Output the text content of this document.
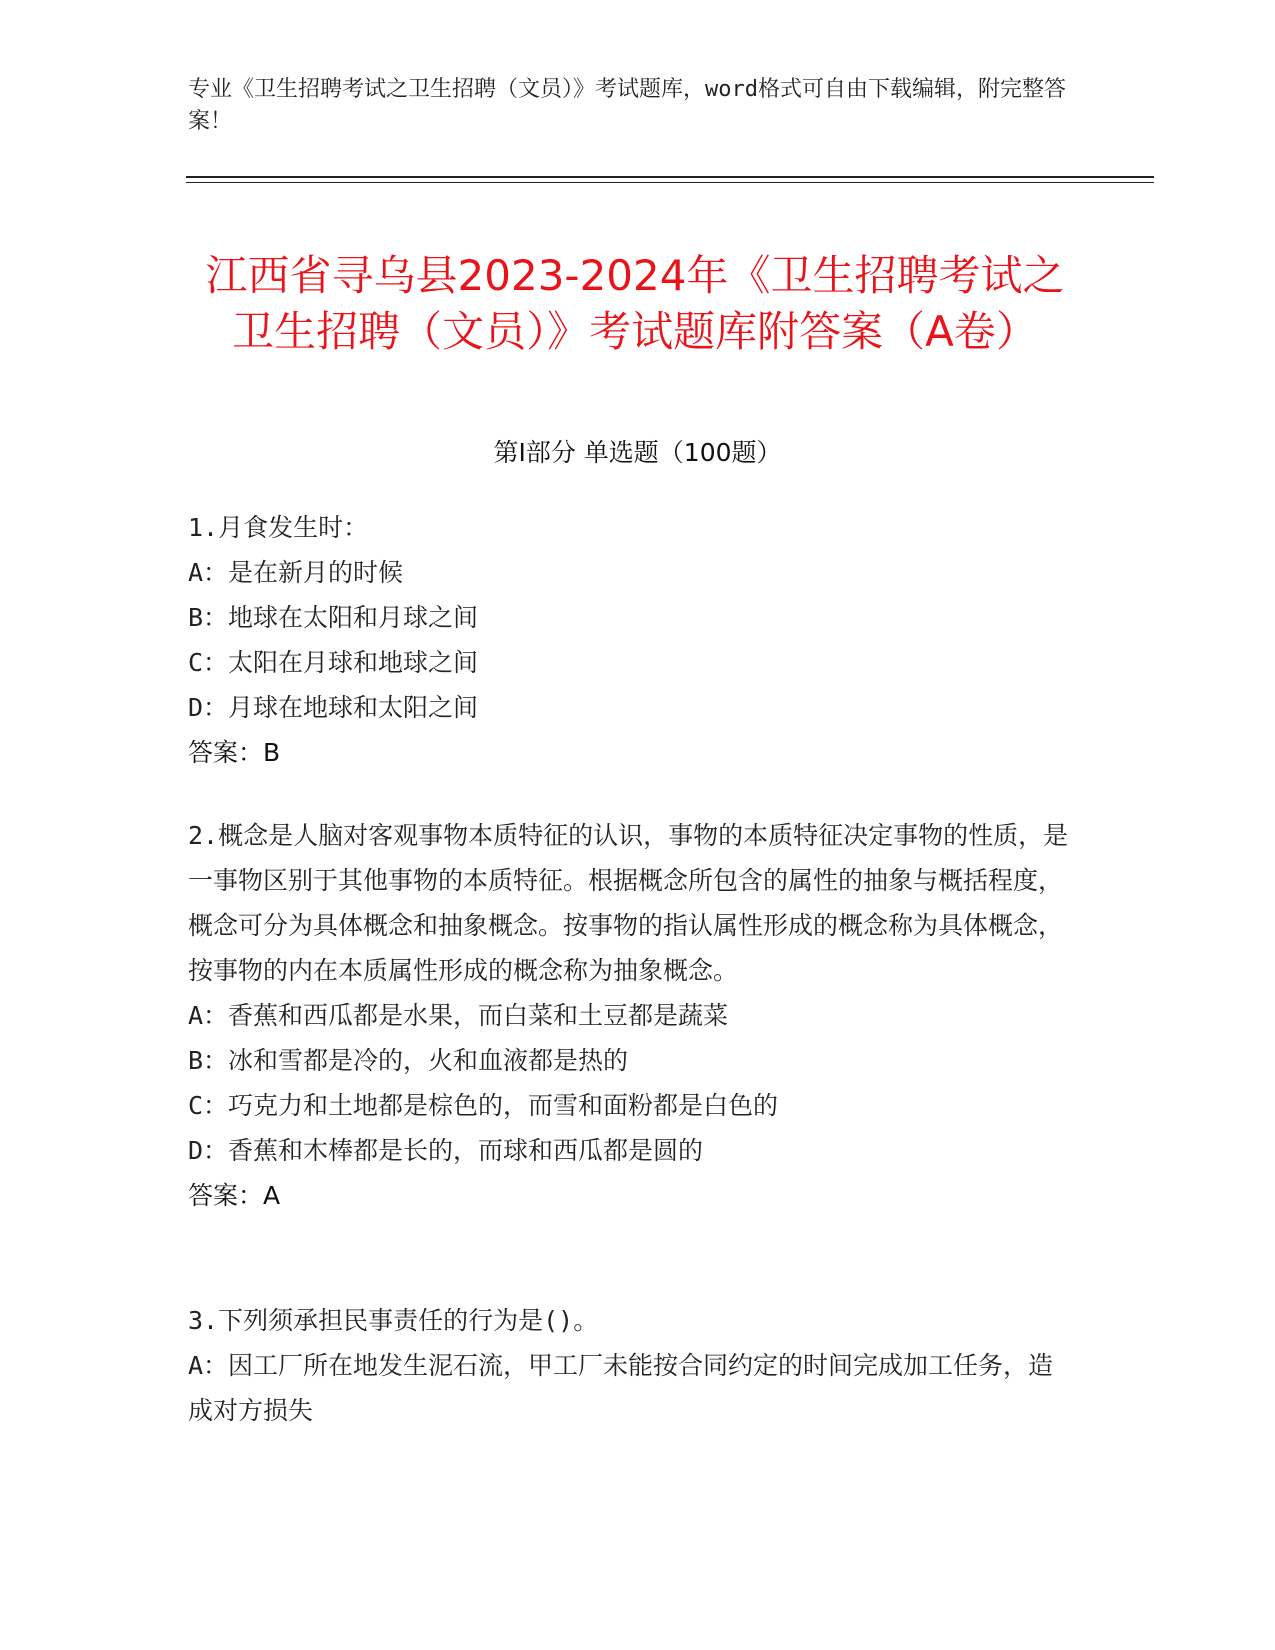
专业《卫生招聘考试之卫生招聘（文员）》考试题库，word格式可自由下载编辑，附完整答案！
江西省寻乌县2023-2024年《卫生招聘考试之卫生招聘（文员）》考试题库附答案（A卷）
第Ⅰ部分 单选题（100题）
1.月食发生时：
A：是在新月的时候
B：地球在太阳和月球之间
C：太阳在月球和地球之间
D：月球在地球和太阳之间
答案：B
2.概念是人脑对客观事物本质特征的认识，事物的本质特征决定事物的性质，是一事物区别于其他事物的本质特征。根据概念所包含的属性的抽象与概括程度，概念可分为具体概念和抽象概念。按事物的指认属性形成的概念称为具体概念，按事物的内在本质属性形成的概念称为抽象概念。
A：香蕉和西瓜都是水果，而白菜和土豆都是蔬菜
B：冰和雪都是冷的，火和血液都是热的
C：巧克力和土地都是棕色的，而雪和面粉都是白色的
D：香蕉和木棒都是长的，而球和西瓜都是圆的
答案：A
3.下列须承担民事责任的行为是()。
A：因工厂所在地发生泥石流，甲工厂未能按合同约定的时间完成加工任务，造成对方损失
